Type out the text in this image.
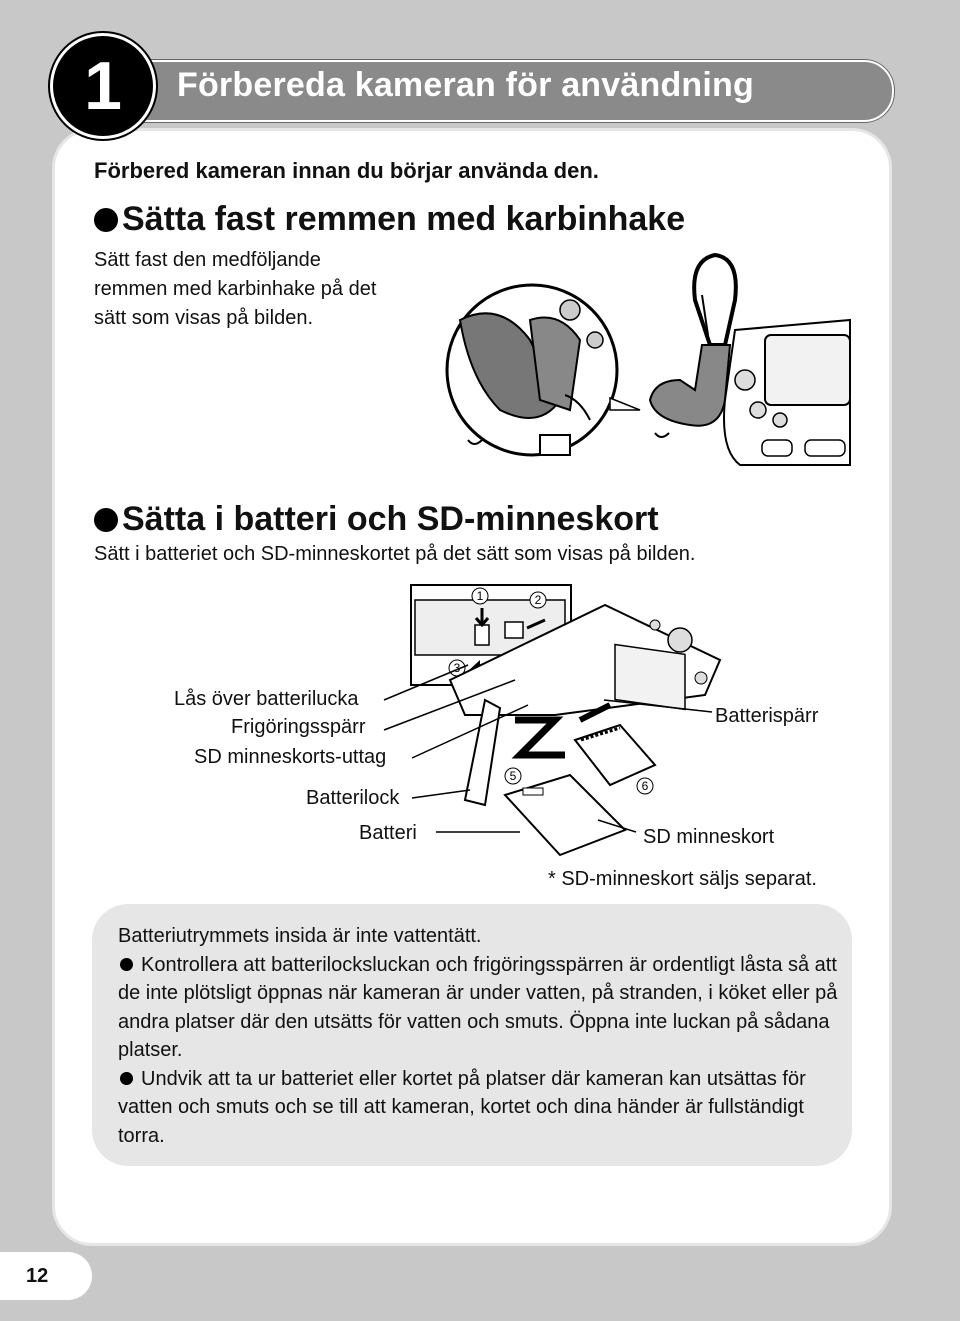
1	Förbereda kameran för användning
Förbered kameran innan du börjar använda den.
Sätta fast remmen med karbinhake
Sätt fast den medföljande
remmen med karbinhake på det
sätt som visas på bilden.
Sätta i batteri och SD-minneskort
Sätt i batteriet och SD-minneskortet på det sätt som visas på bilden.
1	2
3
5
6
Lås över batterilucka
Frigöringsspärr
SD minneskorts-uttag
Batterilock
Batteri
Batterispärr
SD minneskort
* SD-minneskort säljs separat.

Batteriutrymmets insida är inte vattentätt.

Kontrollera att batterilocksluckan och frigöringsspärren är ordentligt låsta så att de inte plötsligt öppnas när kameran är under vatten, på stranden, i köket eller på andra platser där den utsätts för vatten och smuts. Öppna inte luckan på sådana platser.

Undvik att ta ur batteriet eller kortet på platser där kameran kan utsättas för vatten och smuts och se till att kameran, kortet och dina händer är fullständigt torra.

12
